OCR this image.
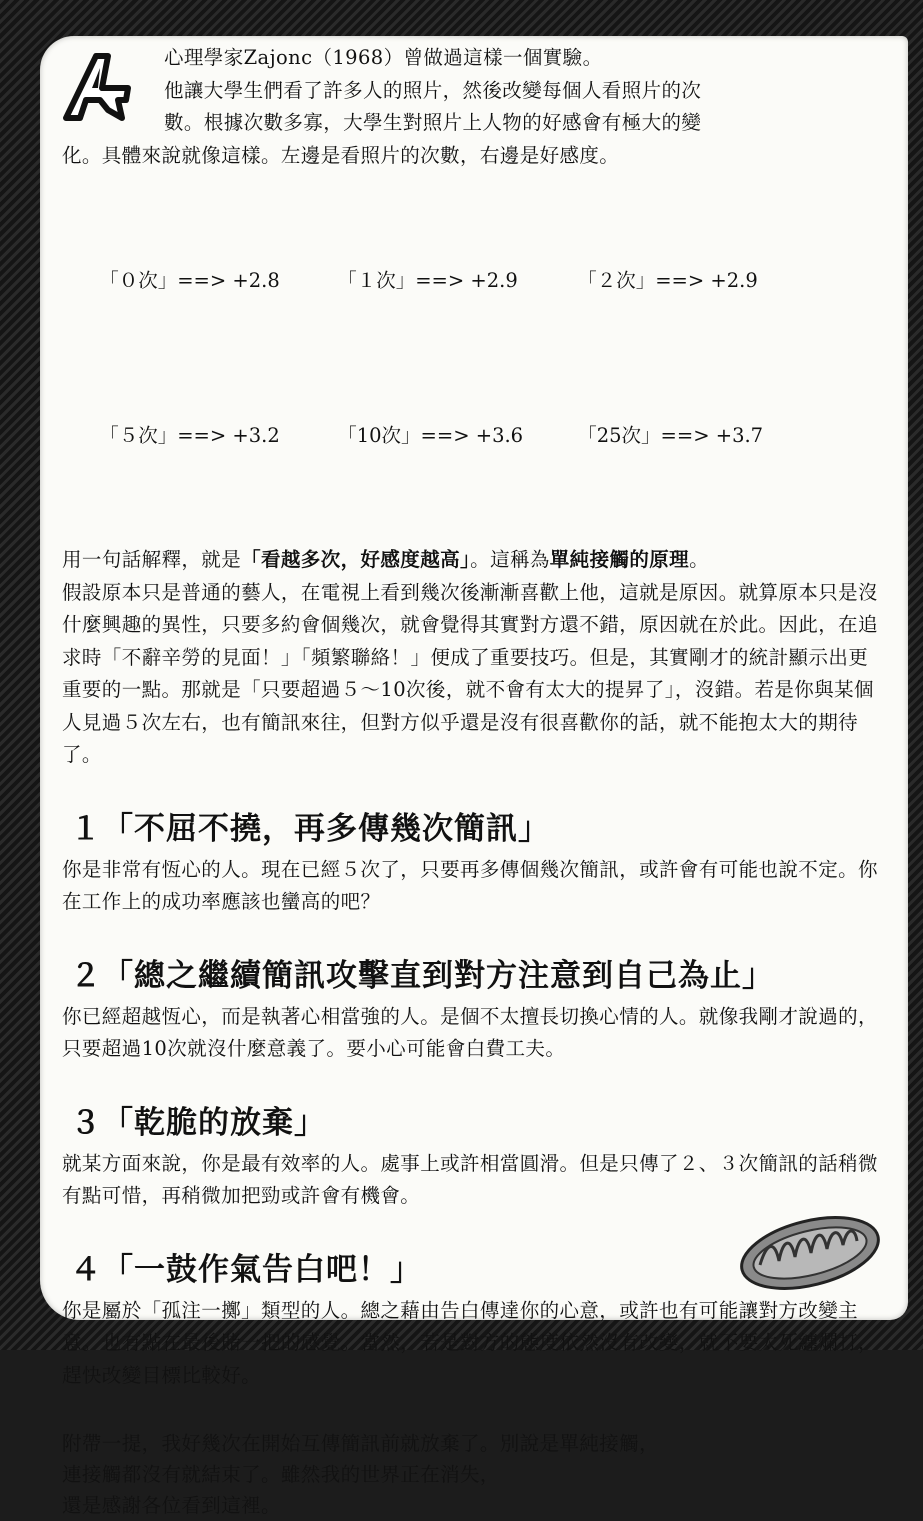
心理學家Zajonc（1968）曾做過這樣一個實驗。

他讓大學生們看了許多人的照片，然後改變每個人看照片的次

數。根據次數多寡，大學生對照片上人物的好感會有極大的變

化。具體來說就像這樣。左邊是看照片的次數，右邊是好感度。

「０次」==> +2.8	「１次」==> +2.9	「２次」==> +2.9

「５次」==> +3.2	「10次」==> +3.6	「25次」==> +3.7

用一句話解釋，就是「看越多次，好感度越高」。這稱為單純接觸的原理。

假設原本只是普通的藝人，在電視上看到幾次後漸漸喜歡上他，這就是原因。就算原本只是沒什麼興趣的異性，只要多約會個幾次，就會覺得其實對方還不錯，原因就在於此。因此，在追求時「不辭辛勞的見面！」「頻繁聯絡！」便成了重要技巧。但是，其實剛才的統計顯示出更重要的一點。那就是「只要超過５～10次後，就不會有太大的提昇了」，沒錯。若是你與某個人見過５次左右，也有簡訊來往，但對方似乎還是沒有很喜歡你的話，就不能抱太大的期待了。

１「不屈不撓，再多傳幾次簡訊」

你是非常有恆心的人。現在已經５次了，只要再多傳個幾次簡訊，或許會有可能也說不定。你在工作上的成功率應該也蠻高的吧？

２「總之繼續簡訊攻擊直到對方注意到自己為止」

你已經超越恆心，而是執著心相當強的人。是個不太擅長切換心情的人。就像我剛才說過的，只要超過10次就沒什麼意義了。要小心可能會白費工夫。

３「乾脆的放棄」

就某方面來說，你是最有效率的人。處事上或許相當圓滑。但是只傳了２、３次簡訊的話稍微有點可惜，再稍微加把勁或許會有機會。

４「一鼓作氣告白吧！」

你是屬於「孤注一擲」類型的人。總之藉由告白傳達你的心意，或許也有可能讓對方改變主意。也有點在最後賭一把的感覺。當然，若是對方的態度依然沒有改變，就不要太死纏爛打，趕快改變目標比較好。

附帶一提，我好幾次在開始互傳簡訊前就放棄了。別說是單純接觸，

連接觸都沒有就結束了。雖然我的世界正在消失，

還是感謝各位看到這裡。
